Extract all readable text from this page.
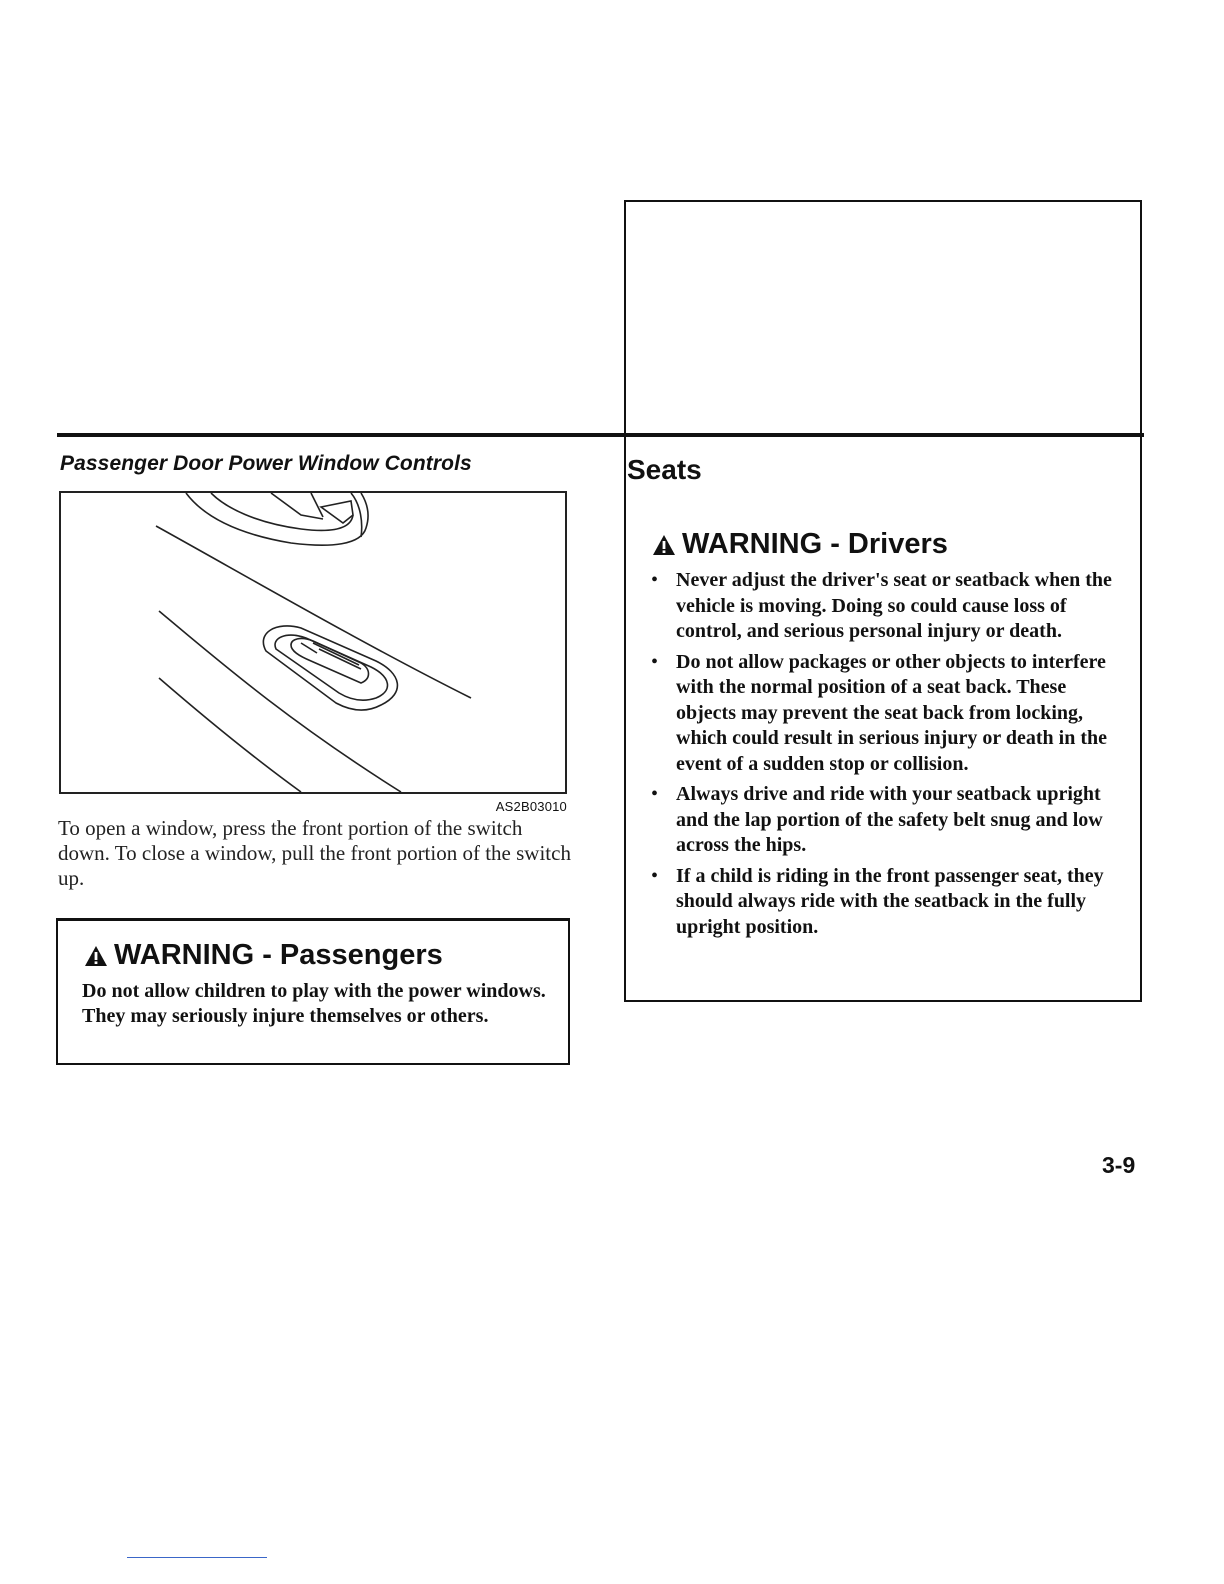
Passenger Door Power Window Controls	Seats
AS2B03010

To open a window, press the front portion of the switch down. To close a window, pull the front portion of the switch up.

WARNING - Passengers

Do not allow children to play with the power windows. They may seriously injure themselves or others.

WARNING - Drivers
• Never adjust the driver's seat or seatback when the vehicle is moving. Doing so could cause loss of control, and serious personal injury or death.
• Do not allow packages or other objects to interfere with the normal position of a seat back. These objects may prevent the seat back from locking, which could result in serious injury or death in the event of a sudden stop or collision.
• Always drive and ride with your seatback upright and the lap portion of the safety belt snug and low across the hips.
• If a child is riding in the front passenger seat, they should always ride with the seatback in the fully upright position.
3-9
